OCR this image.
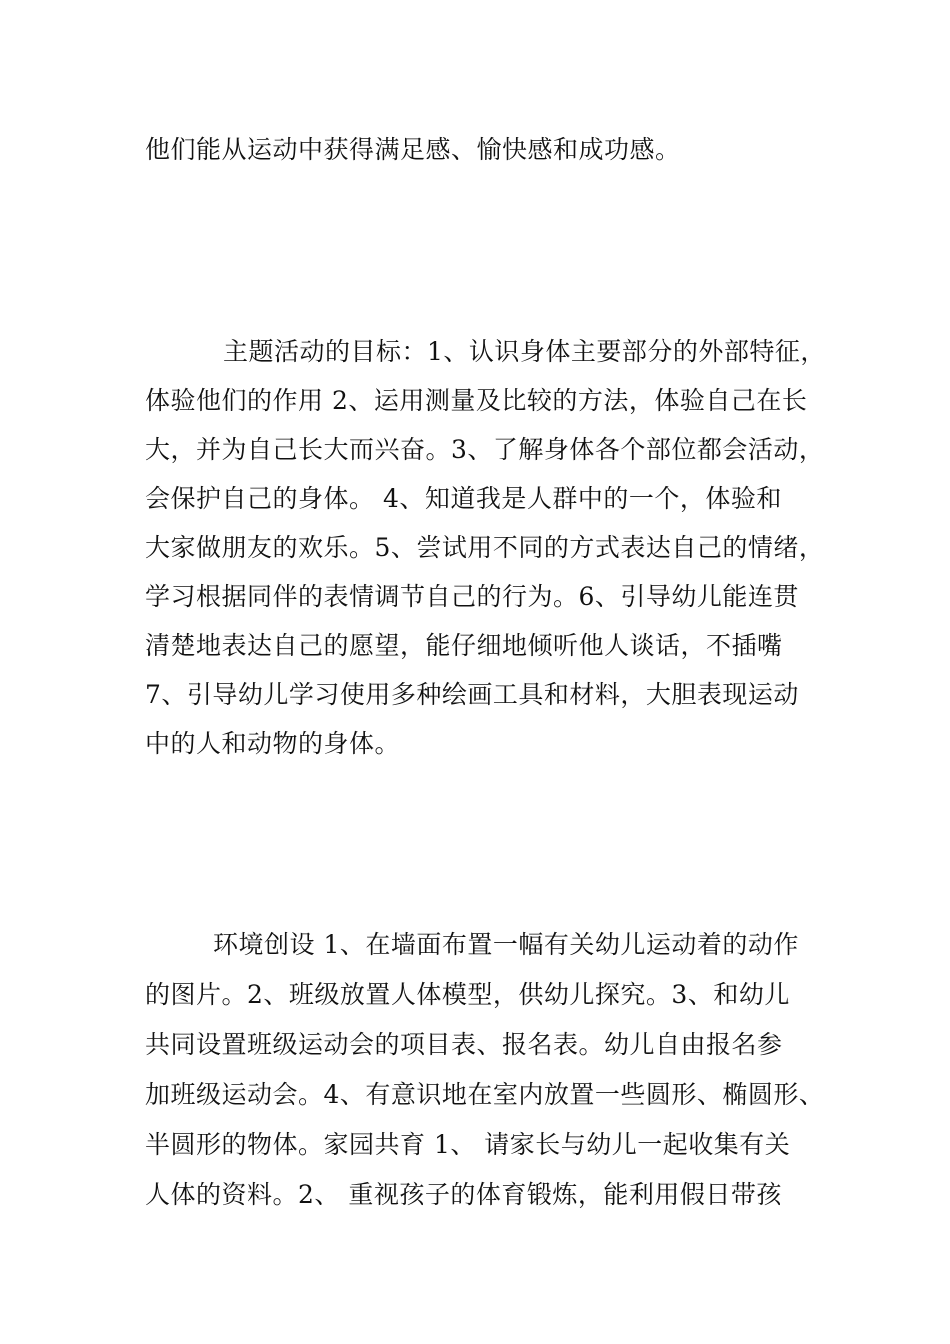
他们能从运动中获得满足感、愉快感和成功感。
主题活动的目标：1、认识身体主要部分的外部特征，
体验他们的作用 2、运用测量及比较的方法，体验自己在长
大，并为自己长大而兴奋。3、了解身体各个部位都会活动，
会保护自己的身体。 4、知道我是人群中的一个，体验和
大家做朋友的欢乐。5、尝试用不同的方式表达自己的情绪，
学习根据同伴的表情调节自己的行为。6、引导幼儿能连贯
清楚地表达自己的愿望，能仔细地倾听他人谈话，不插嘴
7、引导幼儿学习使用多种绘画工具和材料，大胆表现运动
中的人和动物的身体。
环境创设 1、在墙面布置一幅有关幼儿运动着的动作
的图片。2、班级放置人体模型，供幼儿探究。3、和幼儿
共同设置班级运动会的项目表、报名表。幼儿自由报名参
加班级运动会。4、有意识地在室内放置一些圆形、椭圆形、
半圆形的物体。家园共育 1、 请家长与幼儿一起收集有关
人体的资料。2、 重视孩子的体育锻炼，能利用假日带孩
